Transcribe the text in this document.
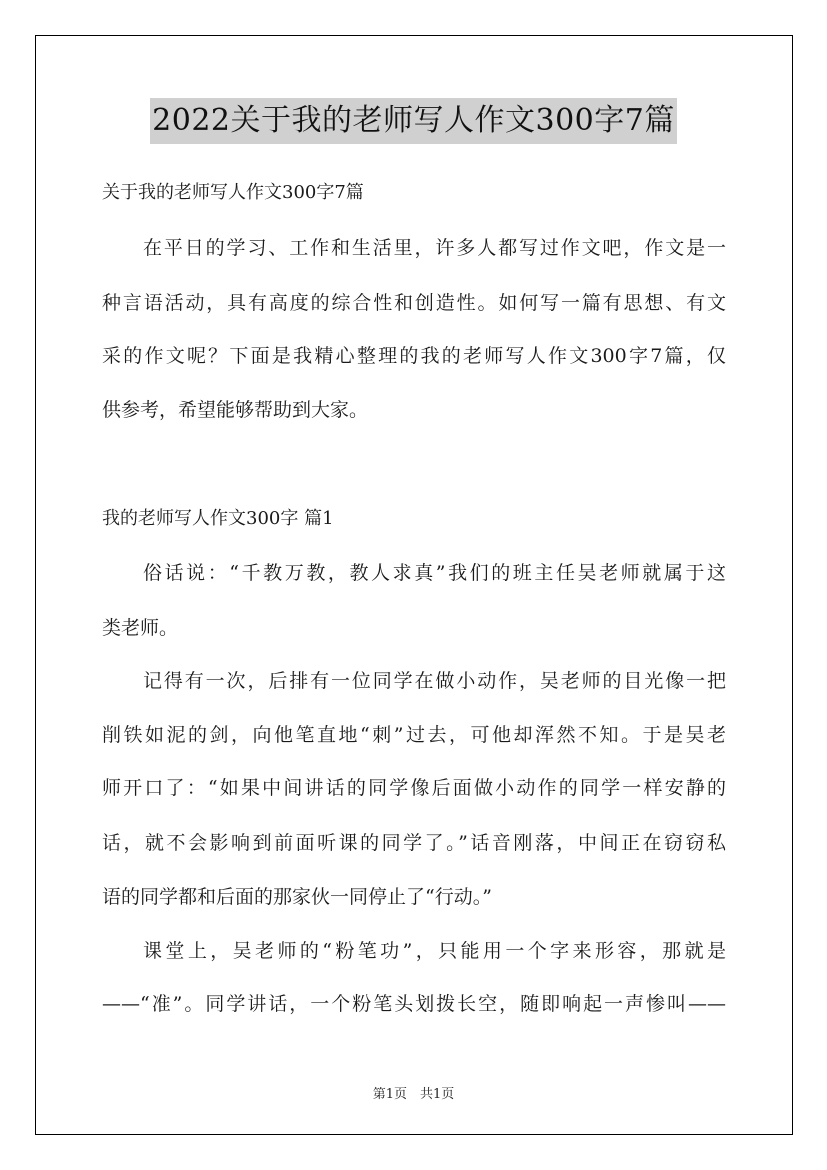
2022关于我的老师写人作文300字7篇
关于我的老师写人作文300字7篇
在平日的学习、工作和生活里，许多人都写过作文吧，作文是一
种言语活动，具有高度的综合性和创造性。如何写一篇有思想、有文
采的作文呢？下面是我精心整理的我的老师写人作文300字7篇，仅
供参考，希望能够帮助到大家。
我的老师写人作文300字 篇1
俗话说：“千教万教，教人求真”我们的班主任吴老师就属于这
类老师。
记得有一次，后排有一位同学在做小动作，吴老师的目光像一把
削铁如泥的剑，向他笔直地“刺”过去，可他却浑然不知。于是吴老
师开口了：“如果中间讲话的同学像后面做小动作的同学一样安静的
话，就不会影响到前面听课的同学了。”话音刚落，中间正在窃窃私
语的同学都和后面的那家伙一同停止了“行动。”
课堂上，吴老师的“粉笔功”，只能用一个字来形容，那就是
——“准”。同学讲话，一个粉笔头划拨长空，随即响起一声惨叫——
第1页　共1页
